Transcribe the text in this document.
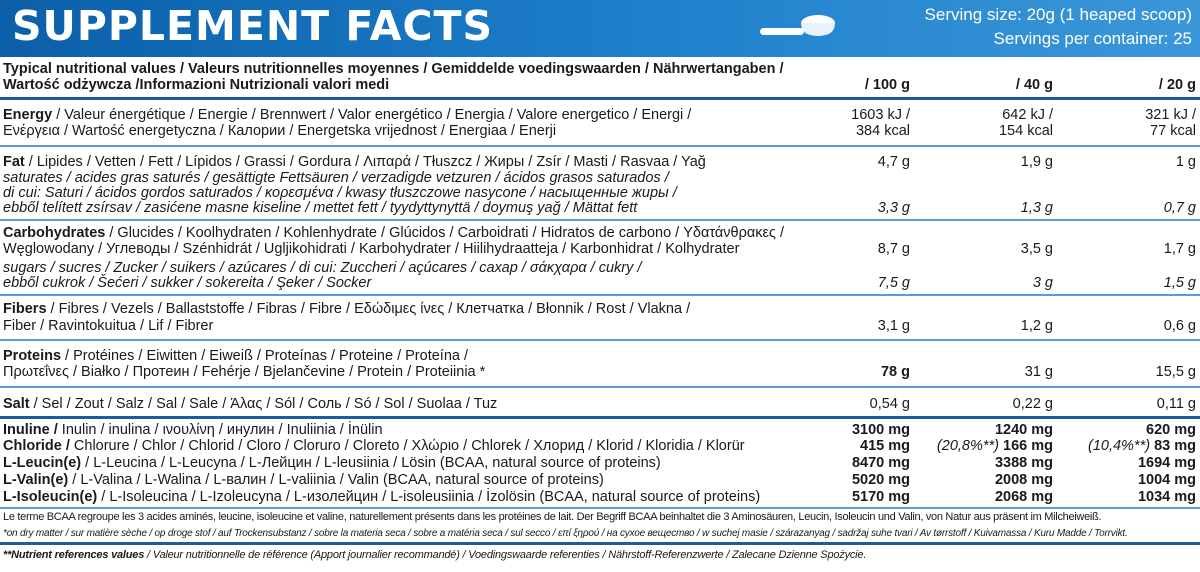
SUPPLEMENT FACTS	Serving size: 20g (1 heaped scoop)
Servings per container: 25
Typical nutritional values / Valeurs nutritionnelles moyennes / Gemiddelde voedingswaarden / Nährwertangaben /
Wartość odżywcza /Informazioni Nutrizionali valori medi	/ 100 g	/ 40 g	/ 20 g
Energy / Valeur énergétique / Energie / Brennwert / Valor energético / Energia / Valore energetico / Energi /
Ενέργεια / Wartość energetyczna / Калории / Energetska vrijednost / Energiaa / Enerji
1603 kJ /	642 kJ /	321 kJ /
384 kcal	154 kcal	77 kcal
Fat / Lipides / Vetten / Fett / Lípidos / Grassi / Gordura / Λιπαρά / Tłuszcz / Жиры / Zsír / Masti / Rasvaa / Yağ	4,7 g	1,9 g	1 g
saturates / acides gras saturés / gesättigte Fettsäuren / verzadigde vetzuren / ácidos grasos saturados /
di cui: Saturi / ácidos gordos saturados / κορεσμένα / kwasy tłuszczowe nasycone / насыщенные жиры /
ebből telített zsírsav / zasićene masne kiseline / mettet fett / tyydyttynyttä / doymuş yağ / Mättat fett	3,3 g	1,3 g	0,7 g
Carbohydrates / Glucides / Koolhydraten / Kohlenhydrate / Glúcidos / Carboidrati / Hidratos de carbono / Υδατάνθρακες /
Węglowodany / Углеводы / Szénhidrát / Ugljikohidrati / Karbohydrater / Hiilihydraatteja / Karbonhidrat / Kolhydrater	8,7 g	3,5 g	1,7 g
sugars / sucres / Zucker / suikers / azúcares / di cui: Zuccheri / açúcares / сахар / σάκχαρα / cukry /
ebből cukrok / Šećeri / sukker / sokereita / Şeker / Socker	7,5 g	3 g	1,5 g
Fibers / Fibres / Vezels / Ballaststoffe / Fibras / Fibre / Εδώδιμες ίνες / Клетчатка / Błonnik / Rost / Vlakna /
Fiber / Ravintokuitua / Lif / Fibrer	3,1 g	1,2 g	0,6 g
Proteins / Protéines / Eiwitten / Eiweiß / Proteínas / Proteine / Proteína /
Πρωτεΐνες / Białko / Протеин / Fehérje / Bjelančevine / Protein / Proteiinia *	78 g	31 g	15,5 g
Salt / Sel / Zout / Salz / Sal / Sale / Άλας / Sól / Соль / Só / Sol / Suolaa / Tuz	0,54 g	0,22 g	0,11 g
Inuline / Inulin / inulina / ινουλίνη / инулин / Inuliinia / İnülin	3100 mg	1240 mg	620 mg
Chloride / Chlorure / Chlor / Chlorid / Cloro / Cloruro / Cloreto / Χλώριο / Chlorek / Хлорид / Klorid / Kloridia / Klorür	415 mg (20,8%**) 166 mg (10,4%**) 83 mg
L-Leucin(e) / L-Leucina / L-Leucyna / L-Лейцин / L-leusiinia / Lösin (BCAA, natural source of proteins)	8470 mg	3388 mg	1694 mg
L-Valin(e) / L-Valina / L-Walina / L-валин / L-valiinia / Valin (BCAA, natural source of proteins)	5020 mg	2008 mg	1004 mg
L-Isoleucin(e) / L-Isoleucina / L-Izoleucyna / L-изолейцин / L-isoleusiinia / İzolösin (BCAA, natural source of proteins)	5170 mg	2068 mg	1034 mg
Le terme BCAA regroupe les 3 acides aminés, leucine, isoleucine et valine, naturellement présents dans les protéines de lait. Der Begriff BCAA beinhaltet die 3 Aminosäuren, Leucin, Isoleucin und Valin, von Natur aus präsent im Milcheiweiß.
*on dry matter / sur matière sèche / op droge stof / auf Trockensubstanz / sobre la materia seca / sobre a matéria seca / sul secco / επί ξηρού / на сухое вещество / w suchej masie / szárazanyag / sadržaj suhe tvari / Av tørrstoff / Kuivamassa / Kuru Madde / Torrvikt.
**Nutrient references values / Valeur nutritionnelle de référence (Apport journalier recommandé) / Voedingswaarde referenties / Nährstoff-Referenzwerte / Zalecane Dzienne Spożycie.
